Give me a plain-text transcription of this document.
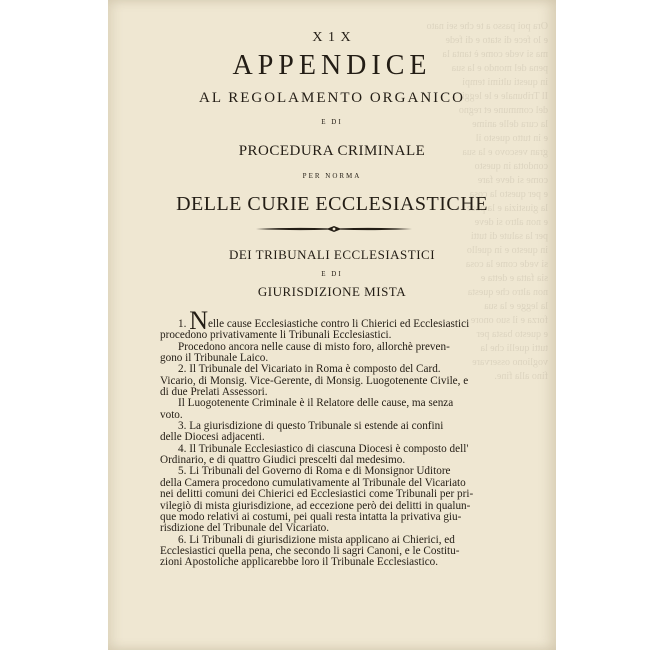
Ora poi passo a te che sei nato
e lo fece di stato e di fede
ma si vede come è tanta la
pena del mondo e la sua
in questi ultimi tempi
Il Tribunale e le leggi
del commune et regno
la cura delle anime
e in tutto questo il
gran vescovo e la sua
condotta in questo
come si deve fare
e per questo la cosa
la giustizia e la pace
e non altro si deve
per la salute di tutti
in questo e in quello
si vede come la cosa
sia fatta e detta e
non altro che questa
la legge e la sua
forza e il suo onore
e questo basta per
tutti quelli che la
vogliono osservare
fino alla fine.
X 1 X
APPENDICE
AL REGOLAMENTO ORGANICO
E DI
PROCEDURA CRIMINALE
PER NORMA
DELLE CURIE ECCLESIASTICHE
DEI TRIBUNALI ECCLESIASTICI
E DI
GIURISDIZIONE MISTA

1. Nelle cause Ecclesiastiche contro li Chierici ed Ecclesiastici

procedono privativamente li Tribunali Ecclesiastici.

Procedono ancora nelle cause di misto foro, allorchè preven-

gono il Tribunale Laico.

2. Il Tribunale del Vicariato in Roma è composto del Card.

Vicario, di Monsig. Vice-Gerente, di Monsig. Luogotenente Civile, e

di due Prelati Assessori.

Il Luogotenente Criminale è il Relatore delle cause, ma senza

voto.

3. La giurisdizione di questo Tribunale si estende ai confini

delle Diocesi adjacenti.

4. Il Tribunale Ecclesiastico di ciascuna Diocesi è composto dell'

Ordinario, e di quattro Giudici prescelti dal medesimo.

5. Li Tribunali del Governo di Roma e di Monsignor Uditore

della Camera procedono cumulativamente al Tribunale del Vicariato

nei delitti comuni dei Chierici ed Ecclesiastici come Tribunali per pri-

vilegiò di mista giurisdizione, ad eccezione però dei delitti in qualun-

que modo relativi ai costumi, pei quali resta intatta la privativa giu-

risdizione del Tribunale del Vicariato.

6. Li Tribunali di giurisdizione mista applicano ai Chierici, ed

Ecclesiastici quella pena, che secondo li sagri Canoni, e le Costitu-

zioni Apostoliche applicarebbe loro il Tribunale Ecclesiastico.
